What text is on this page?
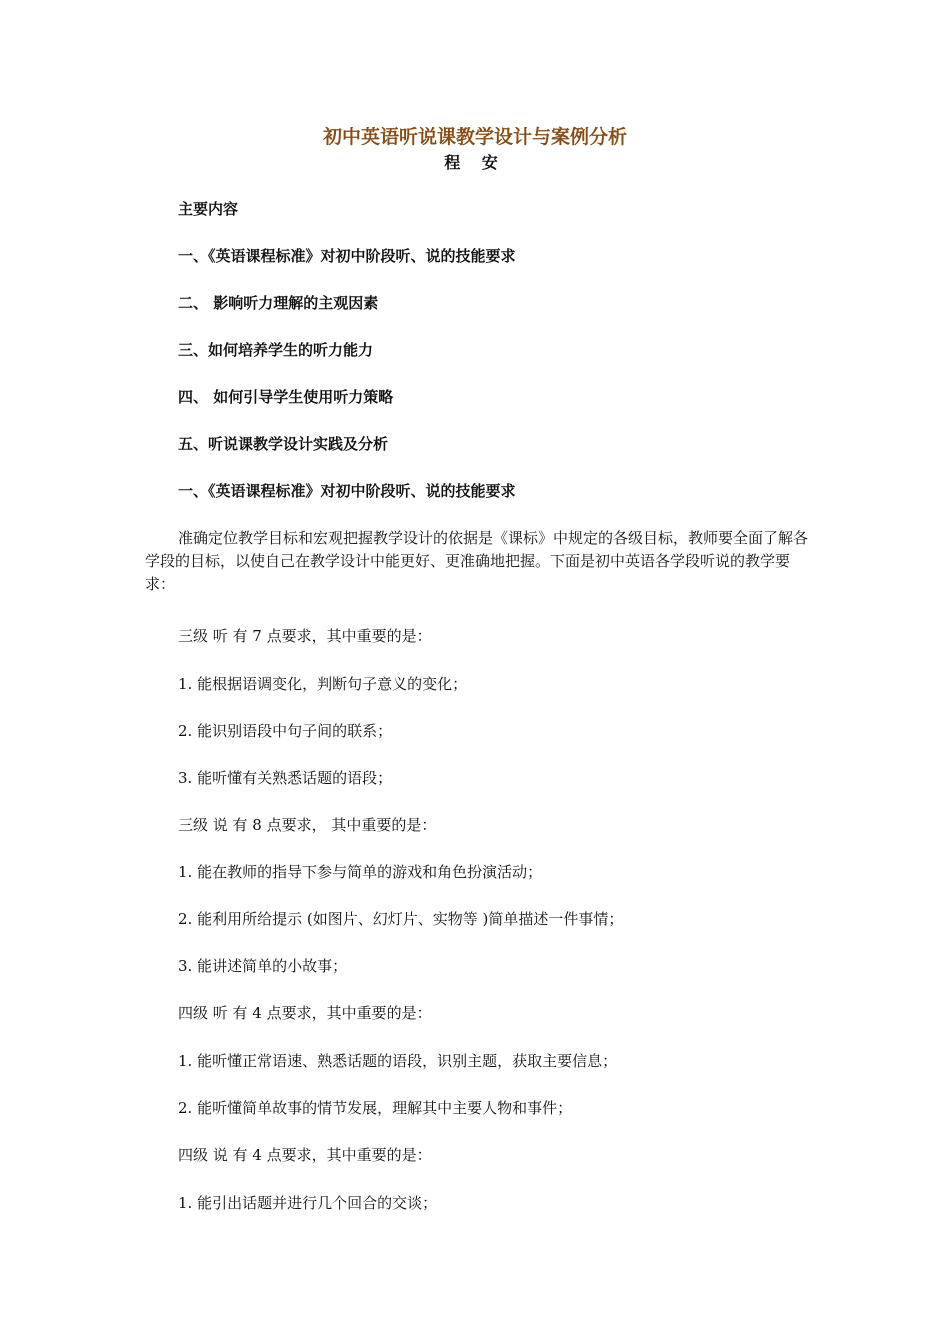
初中英语听说课教学设计与案例分析
程 安
主要内容
一、《英语课程标准》对初中阶段听、说的技能要求
二、 影响听力理解的主观因素
三、如何培养学生的听力能力
四、 如何引导学生使用听力策略
五、听说课教学设计实践及分析
一、《英语课程标准》对初中阶段听、说的技能要求
准确定位教学目标和宏观把握教学设计的依据是《课标》中规定的各级目标，教师要全面了解各学段的目标，以使自己在教学设计中能更好、更准确地把握。下面是初中英语各学段听说的教学要求：
三级 听 有 7 点要求，其中重要的是：
1. 能根据语调变化，判断句子意义的变化；
2. 能识别语段中句子间的联系；
3. 能听懂有关熟悉话题的语段；
三级 说 有 8 点要求， 其中重要的是：
1. 能在教师的指导下参与简单的游戏和角色扮演活动；
2. 能利用所给提示 (如图片、幻灯片、实物等 )简单描述一件事情；
3. 能讲述简单的小故事；
四级 听 有 4 点要求，其中重要的是：
1. 能听懂正常语速、熟悉话题的语段，识别主题，获取主要信息；
2. 能听懂简单故事的情节发展，理解其中主要人物和事件；
四级 说 有 4 点要求，其中重要的是：
1. 能引出话题并进行几个回合的交谈；
